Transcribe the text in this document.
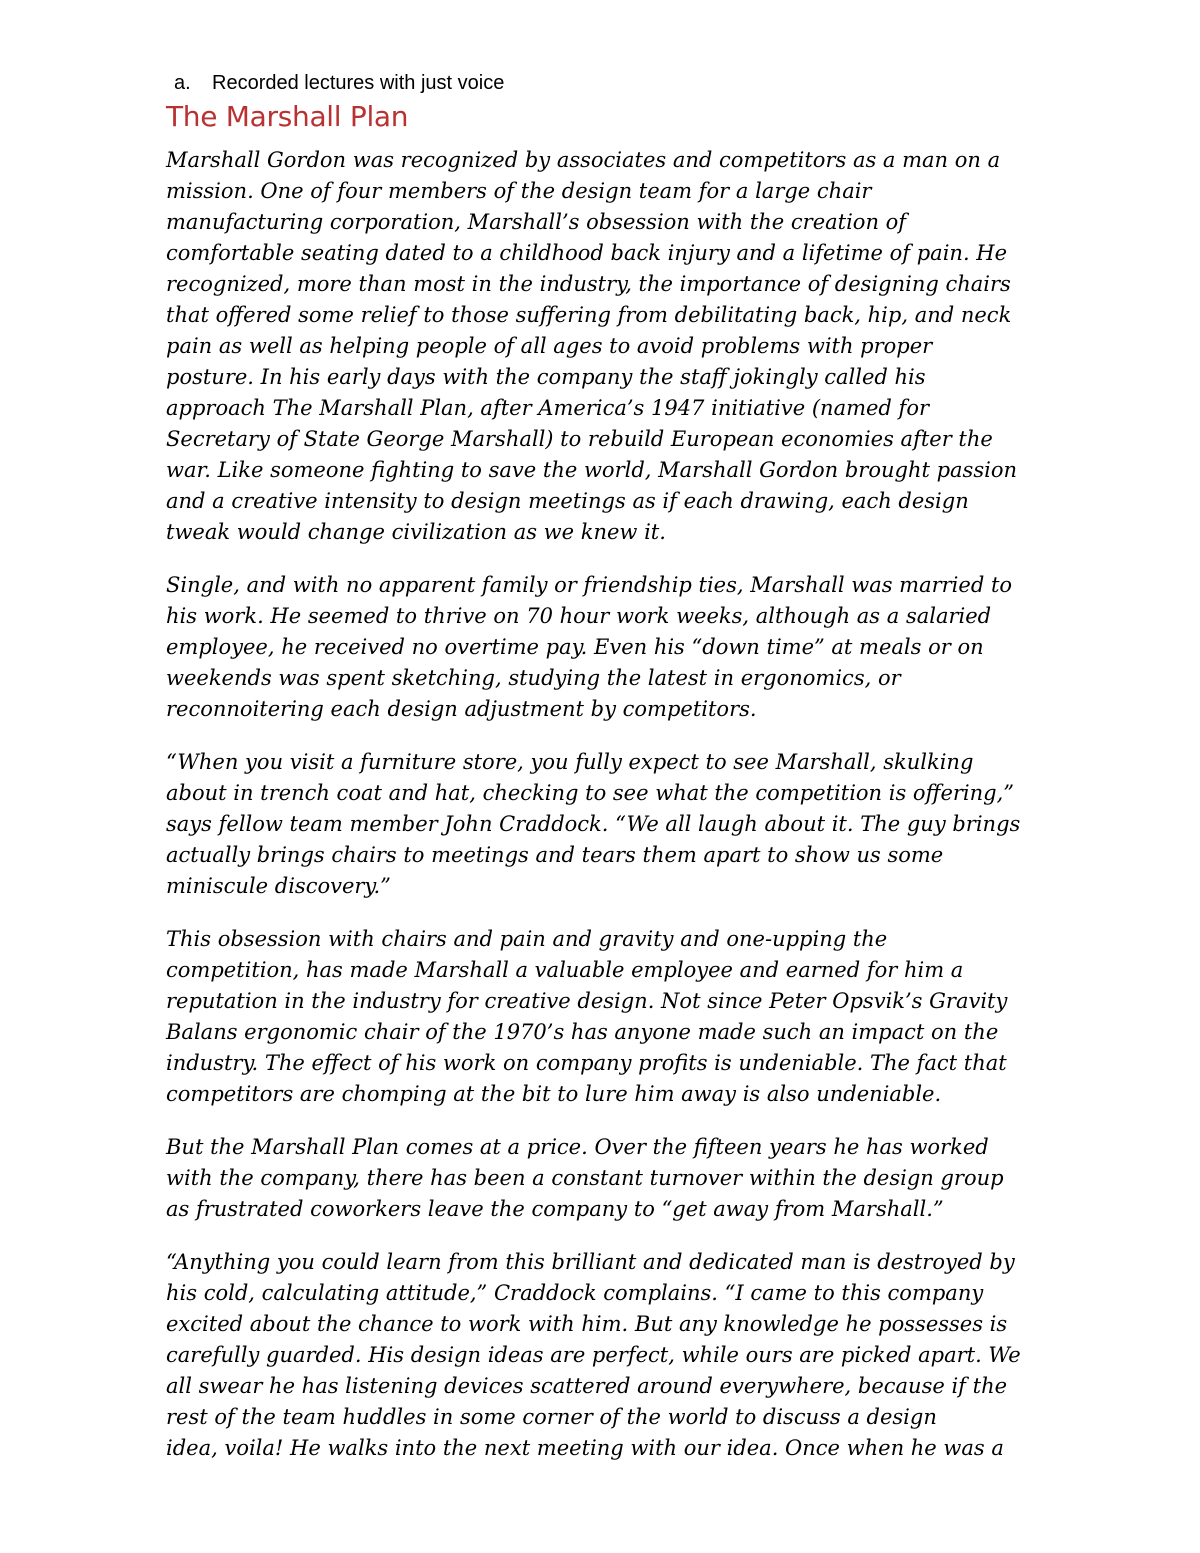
a. Recorded lectures with just voice
The Marshall Plan

Marshall Gordon was recognized by associates and competitors as a man on a
mission. One of four members of the design team for a large chair
manufacturing corporation, Marshall’s obsession with the creation of
comfortable seating dated to a childhood back injury and a lifetime of pain. He
recognized, more than most in the industry, the importance of designing chairs
that offered some relief to those suffering from debilitating back, hip, and neck
pain as well as helping people of all ages to avoid problems with proper
posture. In his early days with the company the staff jokingly called his
approach The Marshall Plan, after America’s 1947 initiative (named for
Secretary of State George Marshall) to rebuild European economies after the
war. Like someone fighting to save the world, Marshall Gordon brought passion
and a creative intensity to design meetings as if each drawing, each design
tweak would change civilization as we knew it.

Single, and with no apparent family or friendship ties, Marshall was married to
his work. He seemed to thrive on 70 hour work weeks, although as a salaried
employee, he received no overtime pay. Even his “down time” at meals or on
weekends was spent sketching, studying the latest in ergonomics, or
reconnoitering each design adjustment by competitors.

“When you visit a furniture store, you fully expect to see Marshall, skulking
about in trench coat and hat, checking to see what the competition is offering,”
says fellow team member John Craddock. “We all laugh about it. The guy brings
actually brings chairs to meetings and tears them apart to show us some
miniscule discovery.”

This obsession with chairs and pain and gravity and one-upping the
competition, has made Marshall a valuable employee and earned for him a
reputation in the industry for creative design. Not since Peter Opsvik’s Gravity
Balans ergonomic chair of the 1970’s has anyone made such an impact on the
industry. The effect of his work on company profits is undeniable. The fact that
competitors are chomping at the bit to lure him away is also undeniable.

But the Marshall Plan comes at a price. Over the fifteen years he has worked
with the company, there has been a constant turnover within the design group
as frustrated coworkers leave the company to “get away from Marshall.”

“Anything you could learn from this brilliant and dedicated man is destroyed by
his cold, calculating attitude,” Craddock complains. “I came to this company
excited about the chance to work with him. But any knowledge he possesses is
carefully guarded. His design ideas are perfect, while ours are picked apart. We
all swear he has listening devices scattered around everywhere, because if the
rest of the team huddles in some corner of the world to discuss a design
idea, voila! He walks into the next meeting with our idea. Once when he was a
